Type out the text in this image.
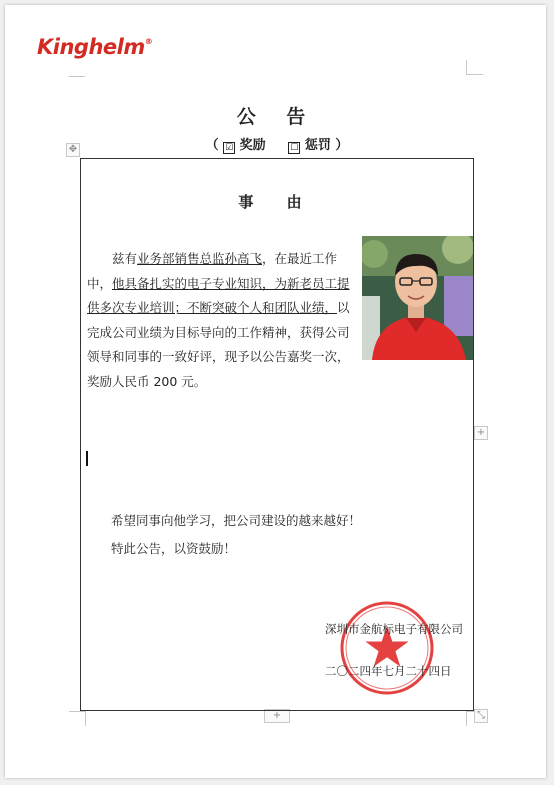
Kinghelm®
✥
+
+	⤡
公 告
（ ☑ 奖励	☐ 惩罚 ）
事 由
兹有业务部销售总监孙高飞，在最近工作中，他具备扎实的电子专业知识，为新老员工提供多次专业培训；不断突破个人和团队业绩，以完成公司业绩为目标导向的工作精神，获得公司领导和同事的一致好评，现予以公告嘉奖一次，奖励人民币 200 元。
希望同事向他学习，把公司建设的越来越好！
特此公告，以资鼓励！
深圳市金航标电子有限公司
二〇二四年七月二十四日
